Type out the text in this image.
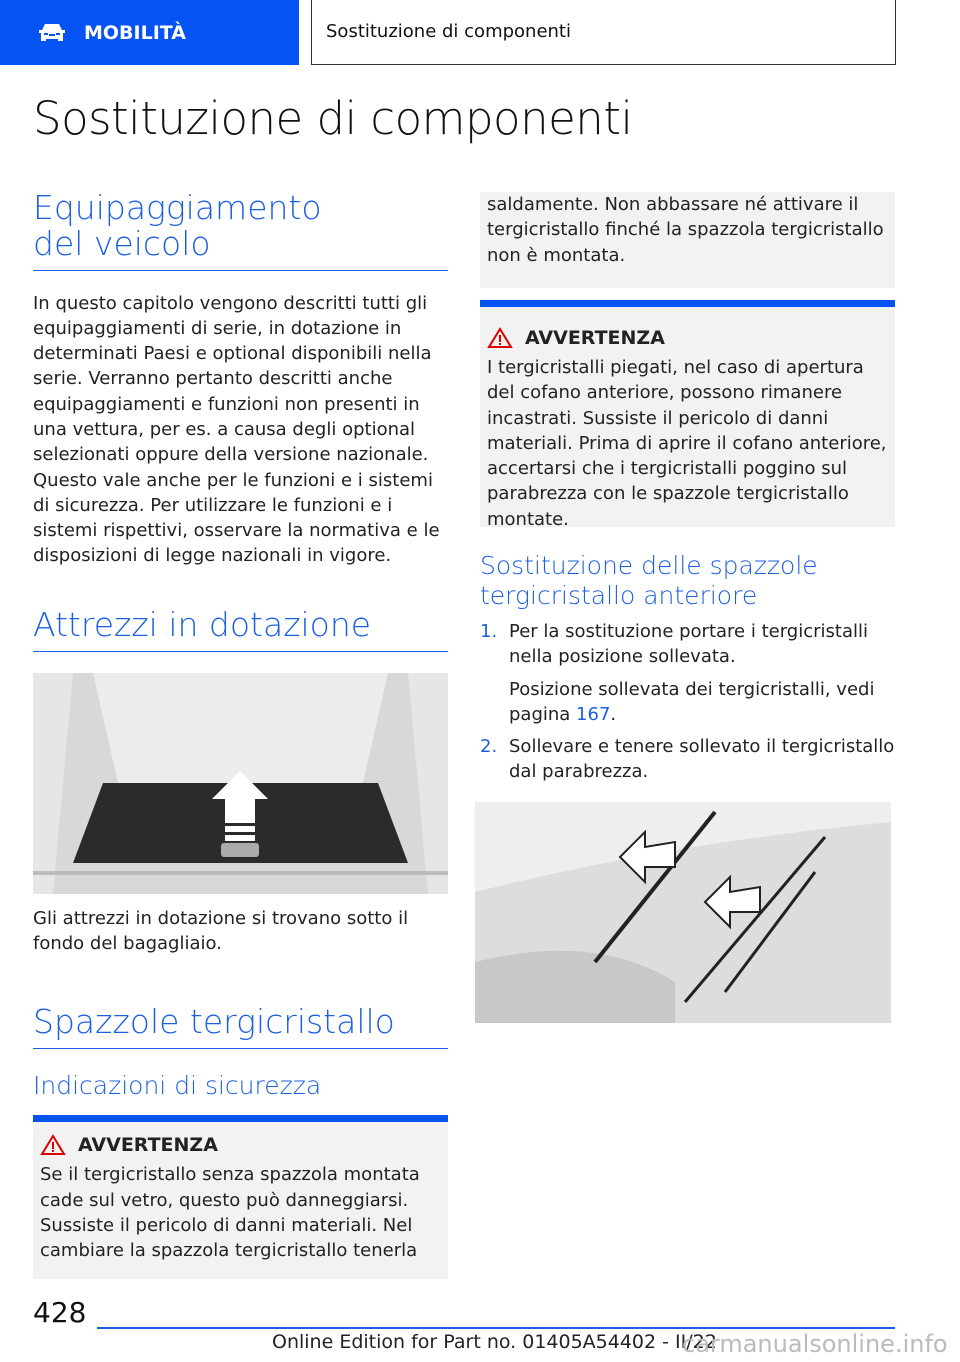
MOBILITÀ	Sostituzione di componenti
Sostituzione di componenti
Equipaggiamento del veicolo

In questo capitolo vengono descritti tutti gli equipaggiamenti di serie, in dotazione in determinati Paesi e optional disponibili nella serie. Verranno pertanto descritti anche equipaggiamenti e funzioni non presenti in una vettura, per es. a causa degli optional selezionati oppure della versione nazionale. Questo vale anche per le funzioni e i sistemi di sicurezza. Per utilizzare le funzioni e i sistemi rispettivi, osservare la normativa e le disposizioni di legge nazionali in vigore.

Attrezzi in dotazione

Gli attrezzi in dotazione si trovano sotto il fondo del bagagliaio.

Spazzole tergicristallo
Indicazioni di sicurezza
AVVERTENZA

Se il tergicristallo senza spazzola montata cade sul vetro, questo può danneggiarsi. Sussiste il pericolo di danni materiali. Nel cambiare la spazzola tergicristallo tenerla

saldamente. Non abbassare né attivare il tergicristallo finché la spazzola tergicristallo non è montata.

AVVERTENZA

I tergicristalli piegati, nel caso di apertura del cofano anteriore, possono rimanere incastrati. Sussiste il pericolo di danni materiali. Prima di aprire il cofano anteriore, accertarsi che i tergicristalli poggino sul parabrezza con le spazzole tergicristallo montate.

Sostituzione delle spazzole tergicristallo anteriore
1. Per la sostituzione portare i tergicristalli nella posizione sollevata.
Posizione sollevata dei tergicristalli, vedi pagina 167.
2. Sollevare e tenere sollevato il tergicristallo dal parabrezza.
428
Online Edition for Part no. 01405A54402 - II/22
carmanualsonline.info
